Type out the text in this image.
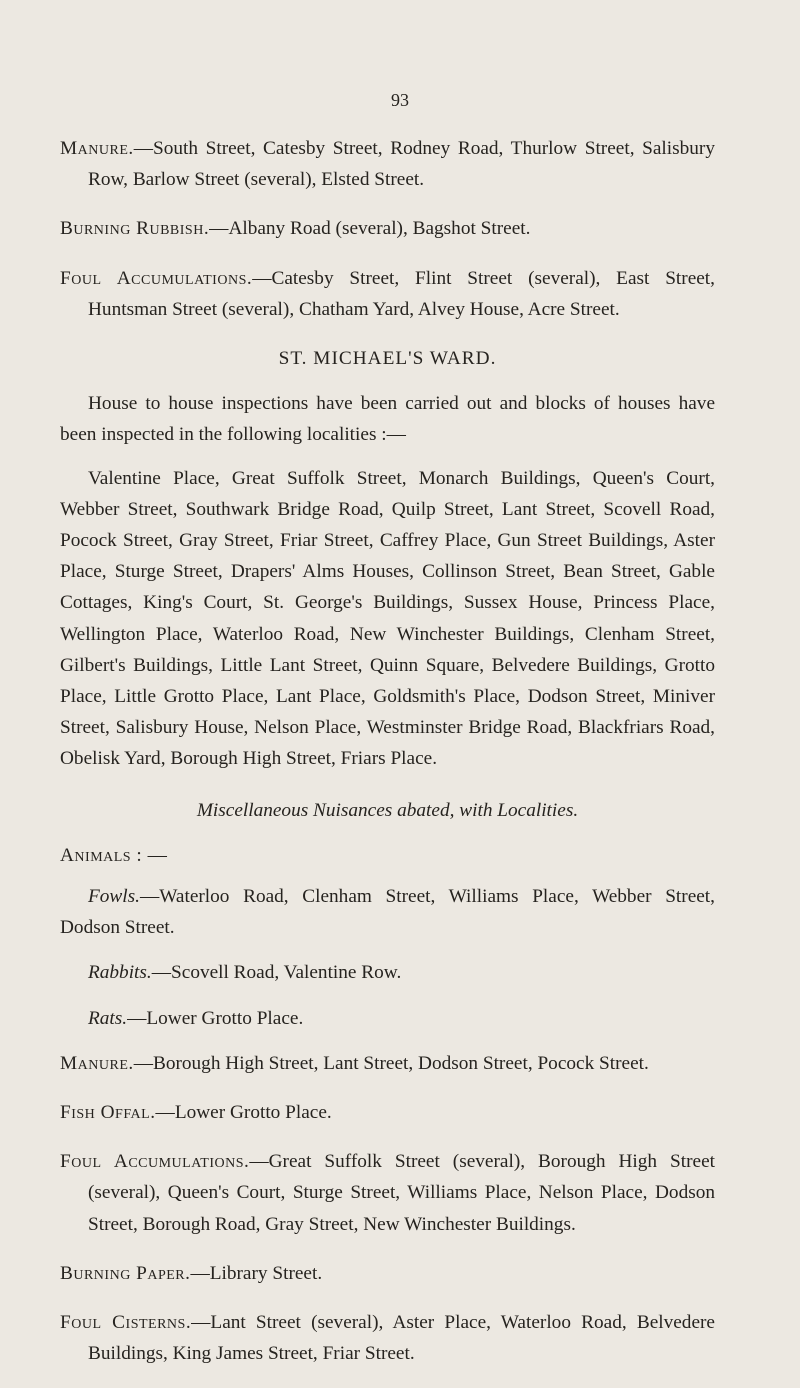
93

Manure.—South Street, Catesby Street, Rodney Road, Thurlow Street, Salisbury Row, Barlow Street (several), Elsted Street.

Burning Rubbish.—Albany Road (several), Bagshot Street.

Foul Accumulations.—Catesby Street, Flint Street (several), East Street, Huntsman Street (several), Chatham Yard, Alvey House, Acre Street.

ST. MICHAEL'S WARD.

House to house inspections have been carried out and blocks of houses have been inspected in the following localities :—

Valentine Place, Great Suffolk Street, Monarch Buildings, Queen's Court, Webber Street, Southwark Bridge Road, Quilp Street, Lant Street, Scovell Road, Pocock Street, Gray Street, Friar Street, Caffrey Place, Gun Street Buildings, Aster Place, Sturge Street, Drapers' Alms Houses, Collinson Street, Bean Street, Gable Cottages, King's Court, St. George's Buildings, Sussex House, Princess Place, Wellington Place, Waterloo Road, New Winchester Buildings, Clenham Street, Gilbert's Buildings, Little Lant Street, Quinn Square, Belvedere Buildings, Grotto Place, Little Grotto Place, Lant Place, Goldsmith's Place, Dodson Street, Miniver Street, Salisbury House, Nelson Place, Westminster Bridge Road, Blackfriars Road, Obelisk Yard, Borough High Street, Friars Place.

Miscellaneous Nuisances abated, with Localities.
Animals : —

Fowls.—Waterloo Road, Clenham Street, Williams Place, Webber Street, Dodson Street.

Rabbits.—Scovell Road, Valentine Row.

Rats.—Lower Grotto Place.

Manure.—Borough High Street, Lant Street, Dodson Street, Pocock Street.

Fish Offal.—Lower Grotto Place.

Foul Accumulations.—Great Suffolk Street (several), Borough High Street (several), Queen's Court, Sturge Street, Williams Place, Nelson Place, Dodson Street, Borough Road, Gray Street, New Winchester Buildings.

Burning Paper.—Library Street.

Foul Cisterns.—Lant Street (several), Aster Place, Waterloo Road, Belvedere Buildings, King James Street, Friar Street.
